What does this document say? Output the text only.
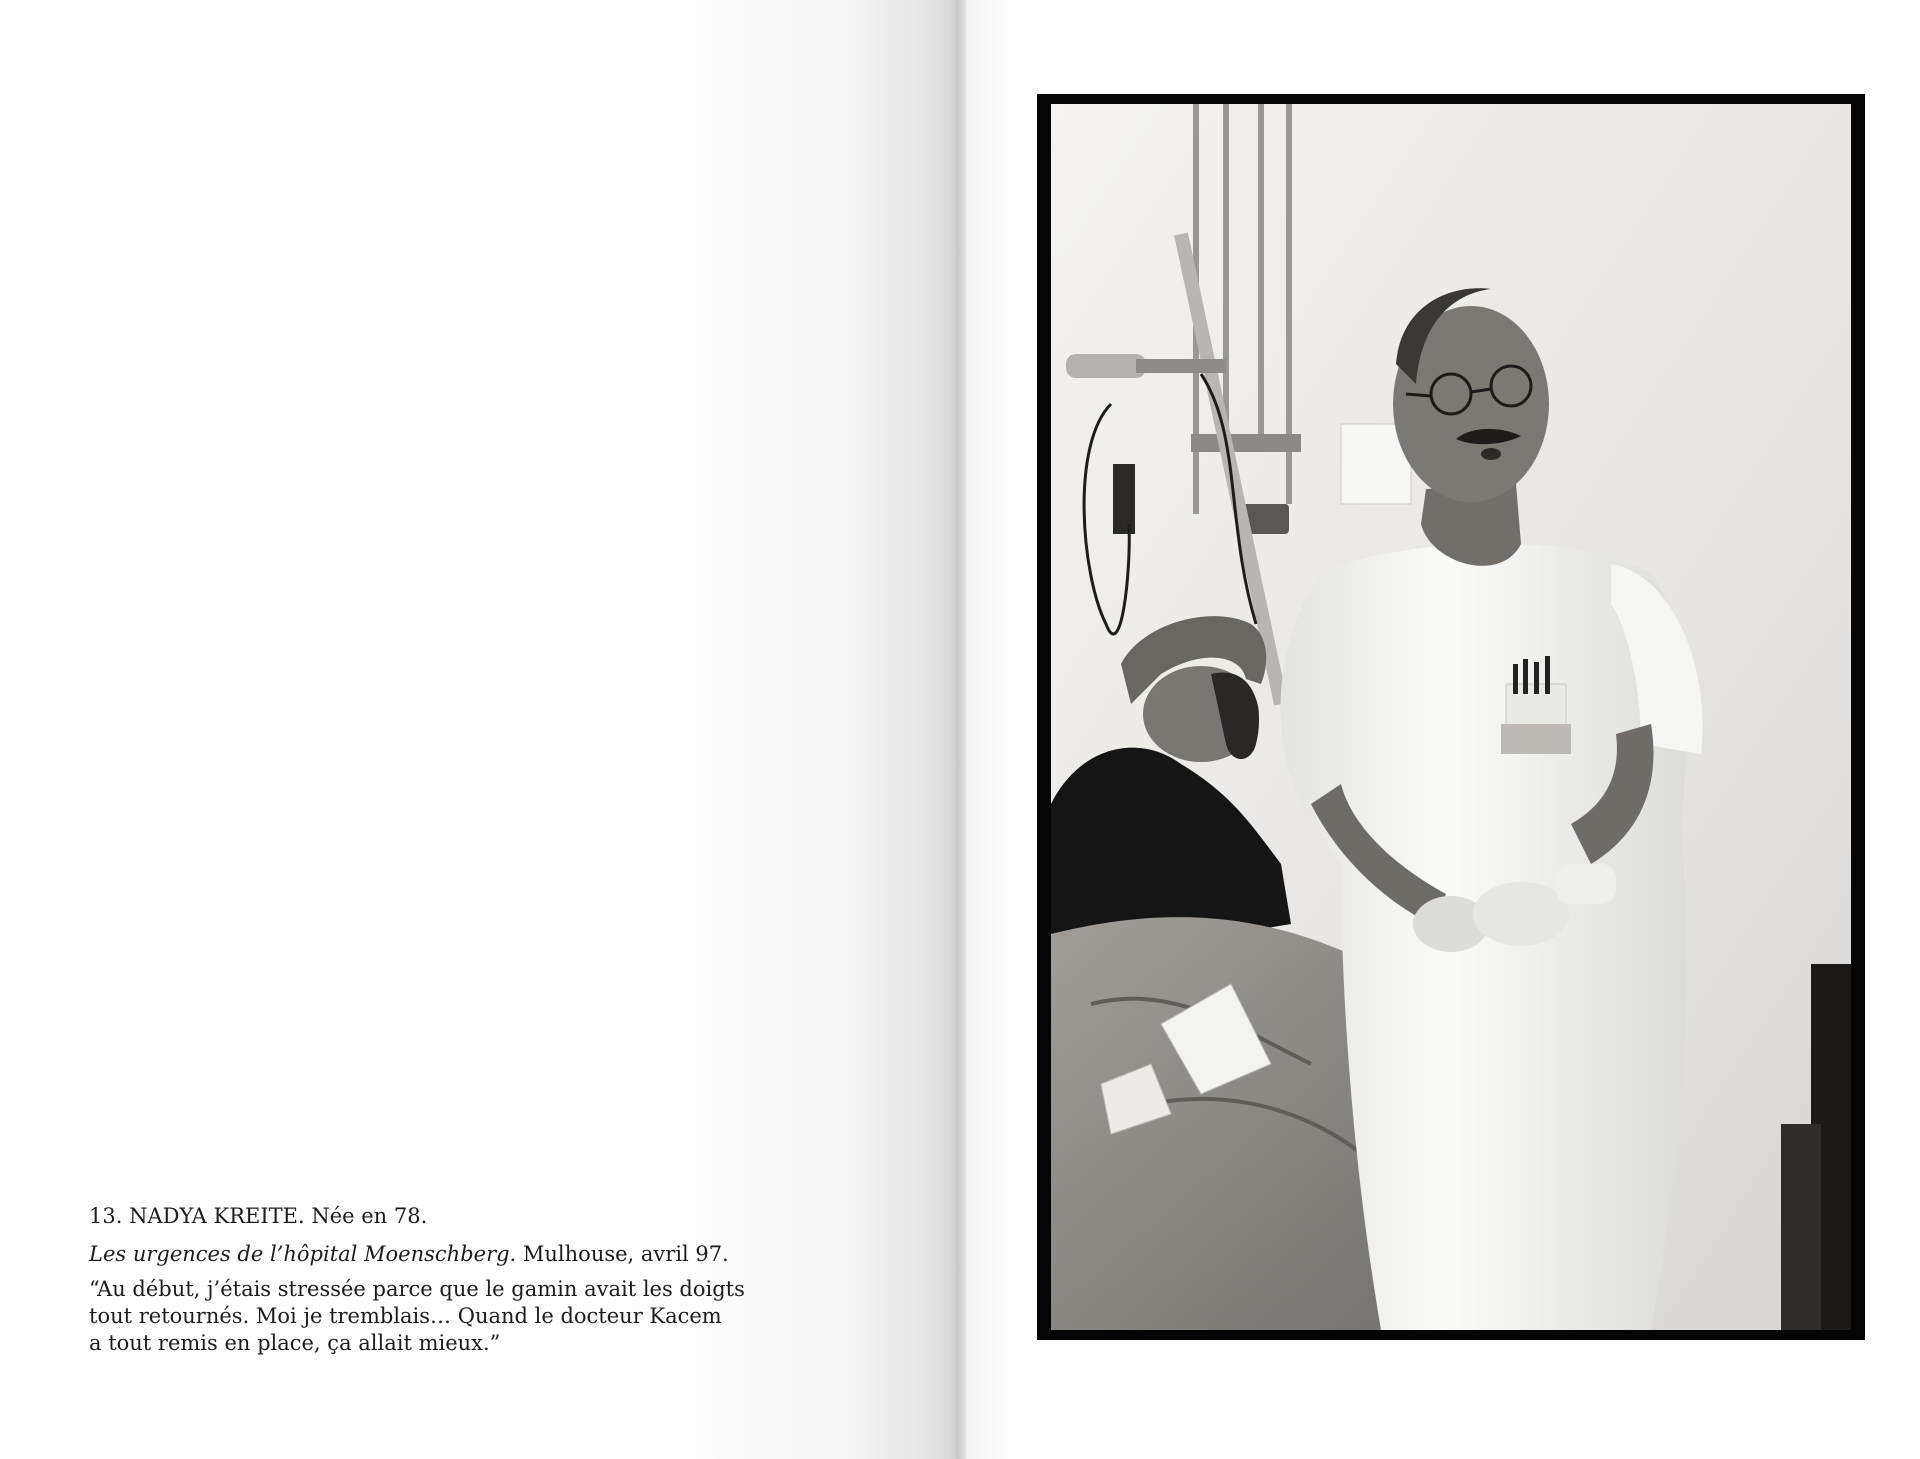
13. NADYA KREITE. Née en 78.

Les urgences de l’hôpital Moenschberg. Mulhouse, avril 97.

“Au début, j’étais stressée parce que le gamin avait les doigts

tout retournés. Moi je tremblais… Quand le docteur Kacem

a tout remis en place, ça allait mieux.”
